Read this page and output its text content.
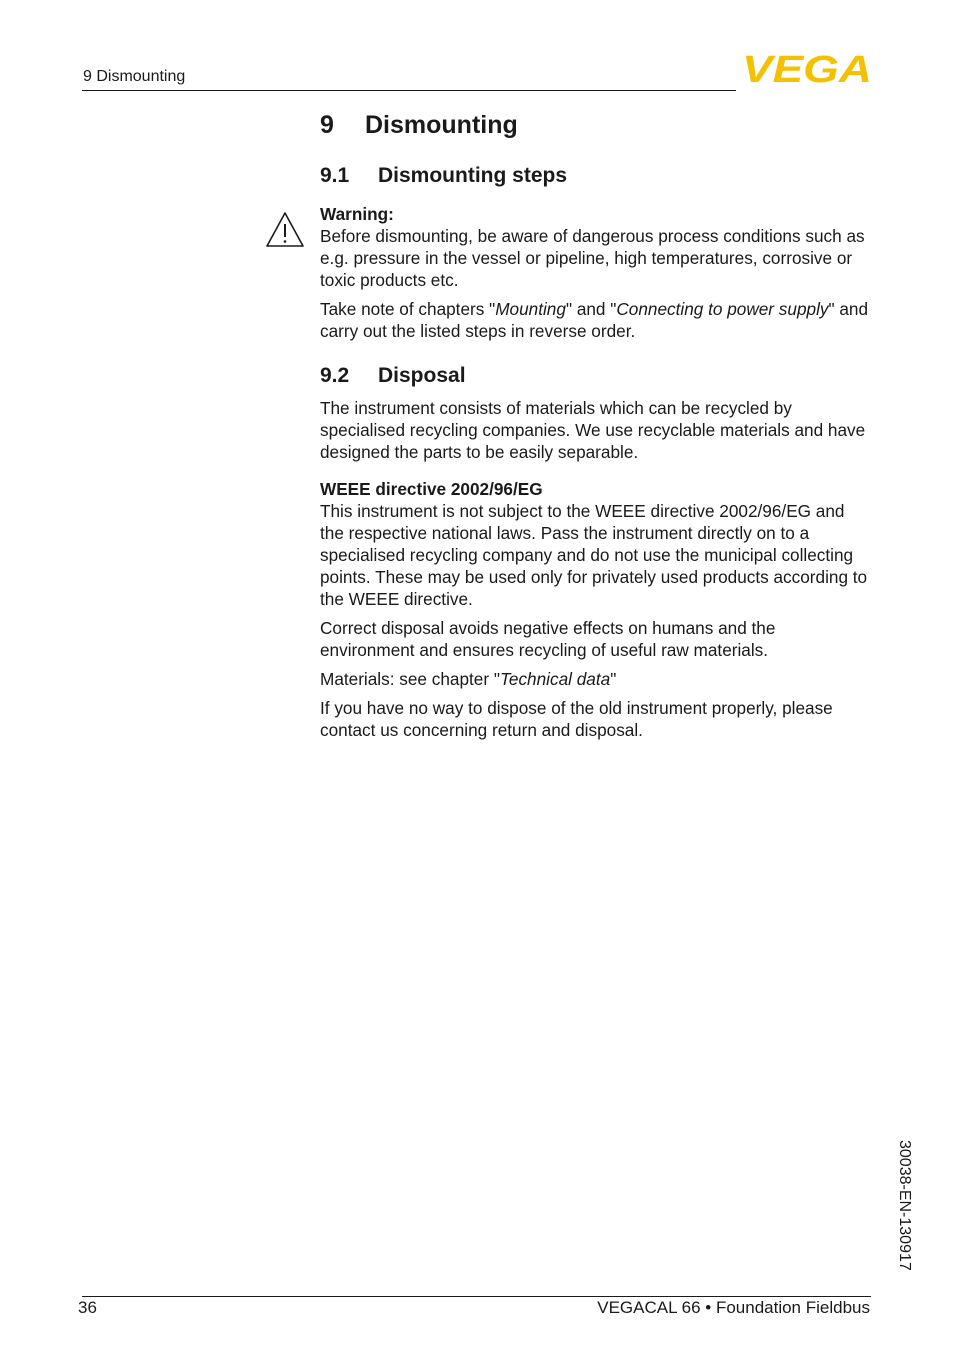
9 Dismounting	VEGA
9 Dismounting
9.1 Dismounting steps

Warning:

Before dismounting, be aware of dangerous process conditions such as e.g. pressure in the vessel or pipeline, high temperatures, corrosive or toxic products etc.

Take note of chapters "Mounting" and "Connecting to power supply" and carry out the listed steps in reverse order.

9.2 Disposal

The instrument consists of materials which can be recycled by specialised recycling companies. We use recyclable materials and have designed the parts to be easily separable.

WEEE directive 2002/96/EG

This instrument is not subject to the WEEE directive 2002/96/EG and the respective national laws. Pass the instrument directly on to a specialised recycling company and do not use the municipal collecting points. These may be used only for privately used products according to the WEEE directive.

Correct disposal avoids negative effects on humans and the environment and ensures recycling of useful raw materials.

Materials: see chapter "Technical data"

If you have no way to dispose of the old instrument properly, please contact us concerning return and disposal.

36	VEGACAL 66 • Foundation Fieldbus
30038-EN-130917
